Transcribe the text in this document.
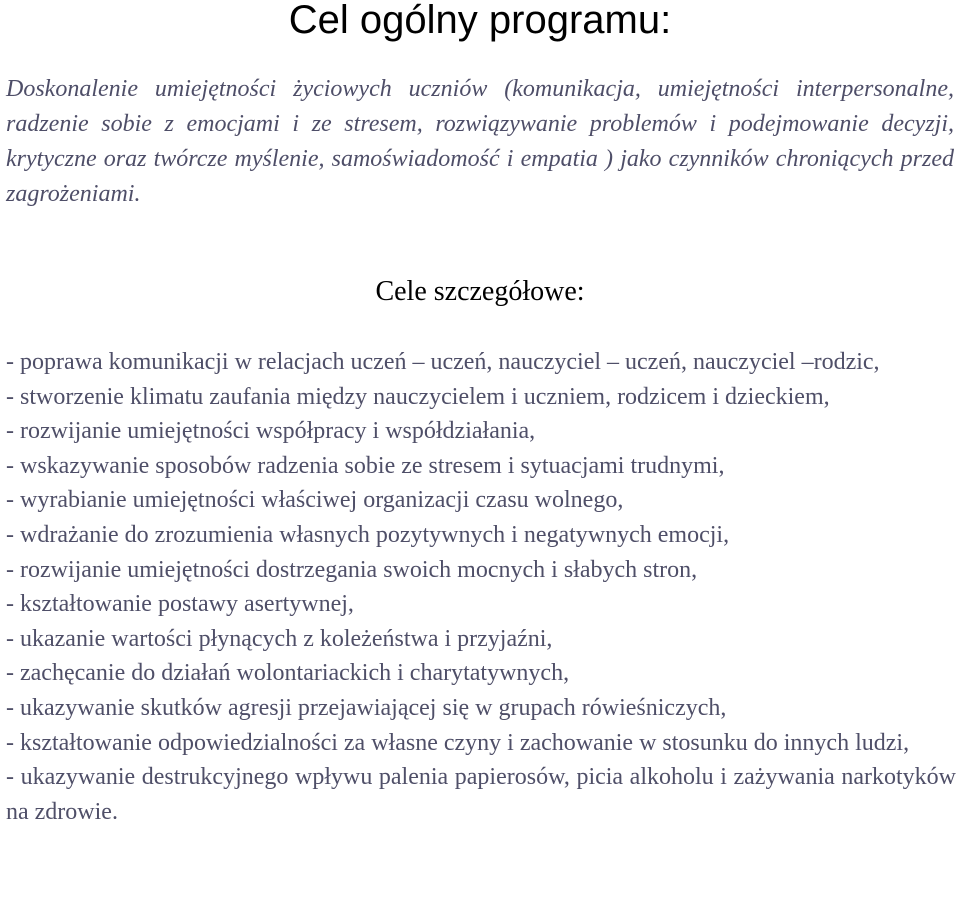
Cel ogólny programu:

Doskonalenie umiejętności życiowych uczniów (komunikacja, umiejętności interpersonalne, radzenie sobie z emocjami i ze stresem, rozwiązywanie problemów i podejmowanie decyzji, krytyczne oraz twórcze myślenie, samoświadomość i empatia ) jako czynników chroniących przed zagrożeniami.

Cele szczegółowe:
- poprawa komunikacji w relacjach uczeń – uczeń, nauczyciel – uczeń, nauczyciel –rodzic,
- stworzenie klimatu zaufania między nauczycielem i uczniem, rodzicem i dzieckiem,
- rozwijanie umiejętności współpracy i współdziałania,
- wskazywanie sposobów radzenia sobie ze stresem i sytuacjami trudnymi,
- wyrabianie umiejętności właściwej organizacji czasu wolnego,
- wdrażanie do zrozumienia własnych pozytywnych i negatywnych emocji,
- rozwijanie umiejętności dostrzegania swoich mocnych i słabych stron,
- kształtowanie postawy asertywnej,
- ukazanie wartości płynących z koleżeństwa i przyjaźni,
- zachęcanie do działań wolontariackich i charytatywnych,
- ukazywanie skutków agresji przejawiającej się w grupach rówieśniczych,
- kształtowanie odpowiedzialności za własne czyny i zachowanie w stosunku do innych ludzi,
- ukazywanie destrukcyjnego wpływu palenia papierosów, picia alkoholu i zażywania narkotyków na zdrowie.
